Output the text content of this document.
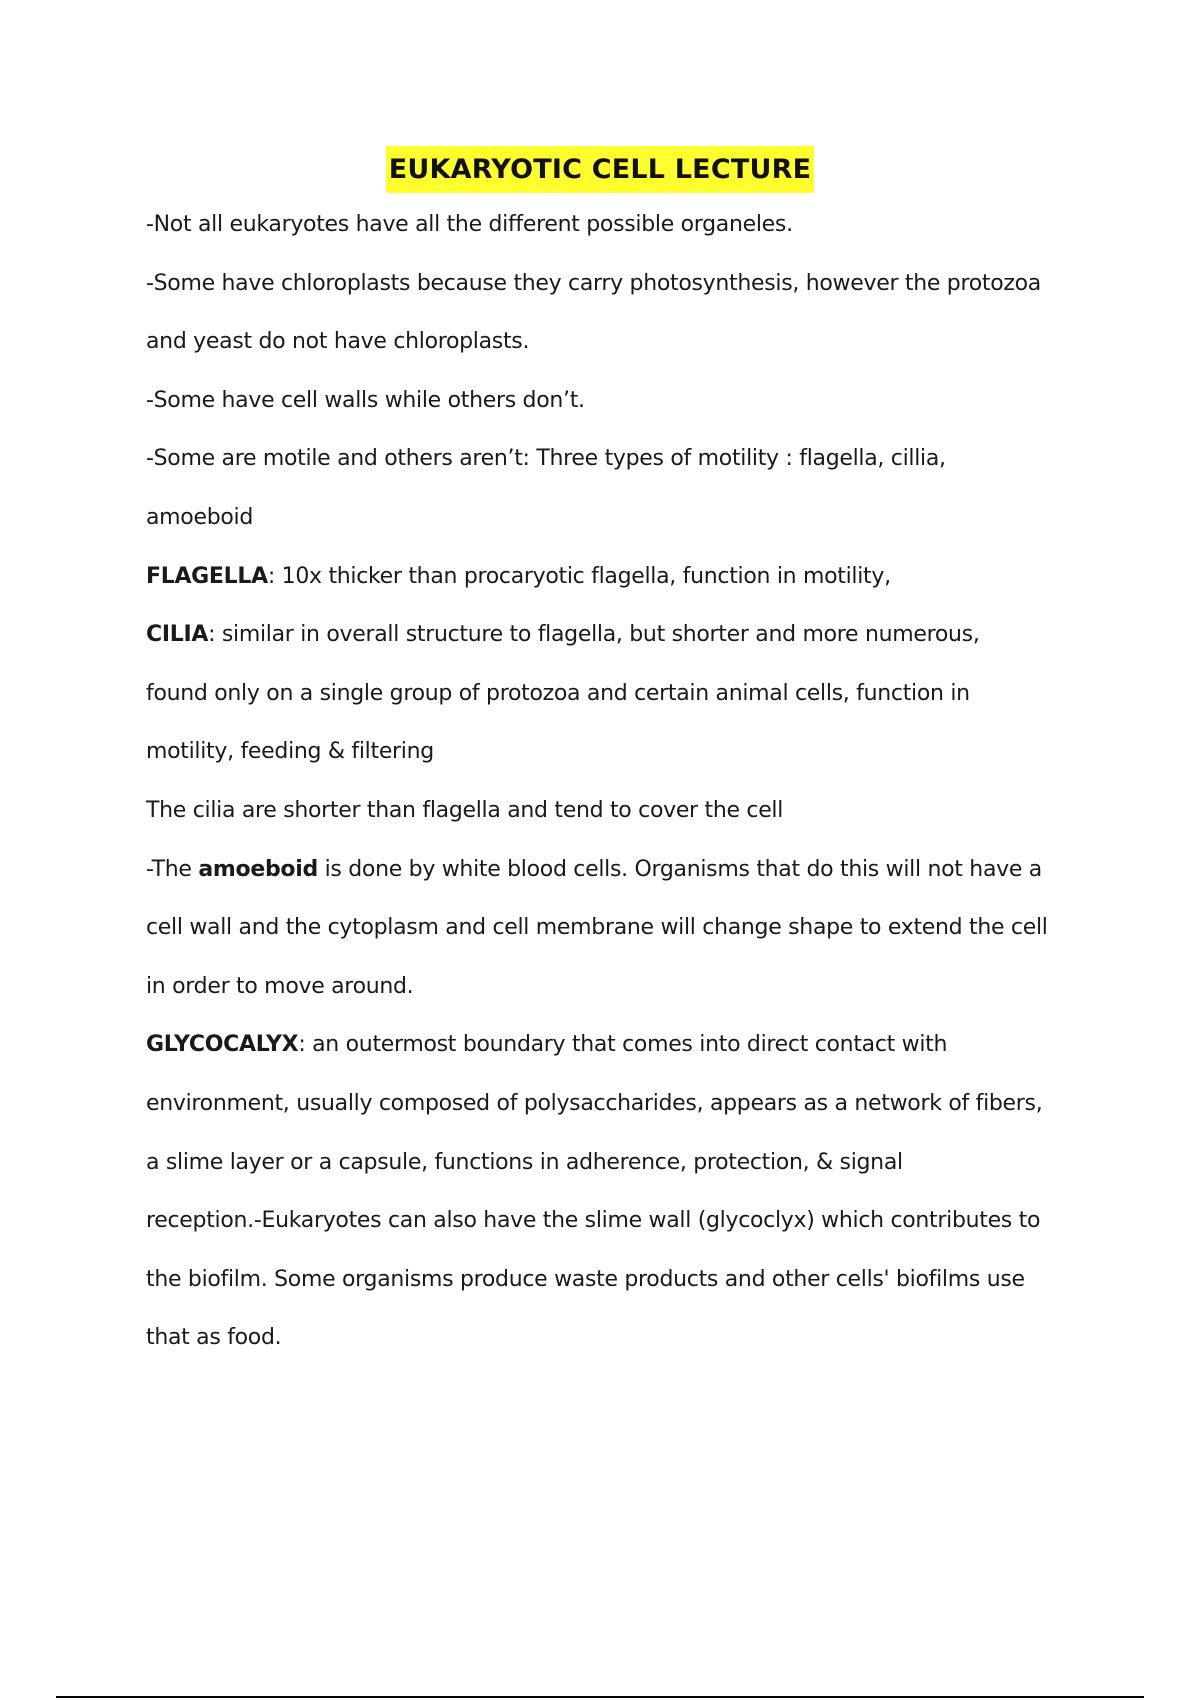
EUKARYOTIC CELL LECTURE
-Not all eukaryotes have all the different possible organeles.
-Some have chloroplasts because they carry photosynthesis, however the protozoa
and yeast do not have chloroplasts.
-Some have cell walls while others don’t.
-Some are motile and others aren’t: Three types of motility : flagella, cillia,
amoeboid
FLAGELLA: 10x thicker than procaryotic flagella, function in motility,
CILIA: similar in overall structure to flagella, but shorter and more numerous,
found only on a single group of protozoa and certain animal cells, function in
motility, feeding & filtering
The cilia are shorter than flagella and tend to cover the cell
-The amoeboid is done by white blood cells. Organisms that do this will not have a
cell wall and the cytoplasm and cell membrane will change shape to extend the cell
in order to move around.
GLYCOCALYX: an outermost boundary that comes into direct contact with
environment, usually composed of polysaccharides, appears as a network of fibers,
a slime layer or a capsule, functions in adherence, protection, & signal
reception.-Eukaryotes can also have the slime wall (glycoclyx) which contributes to
the biofilm. Some organisms produce waste products and other cells' biofilms use
that as food.
